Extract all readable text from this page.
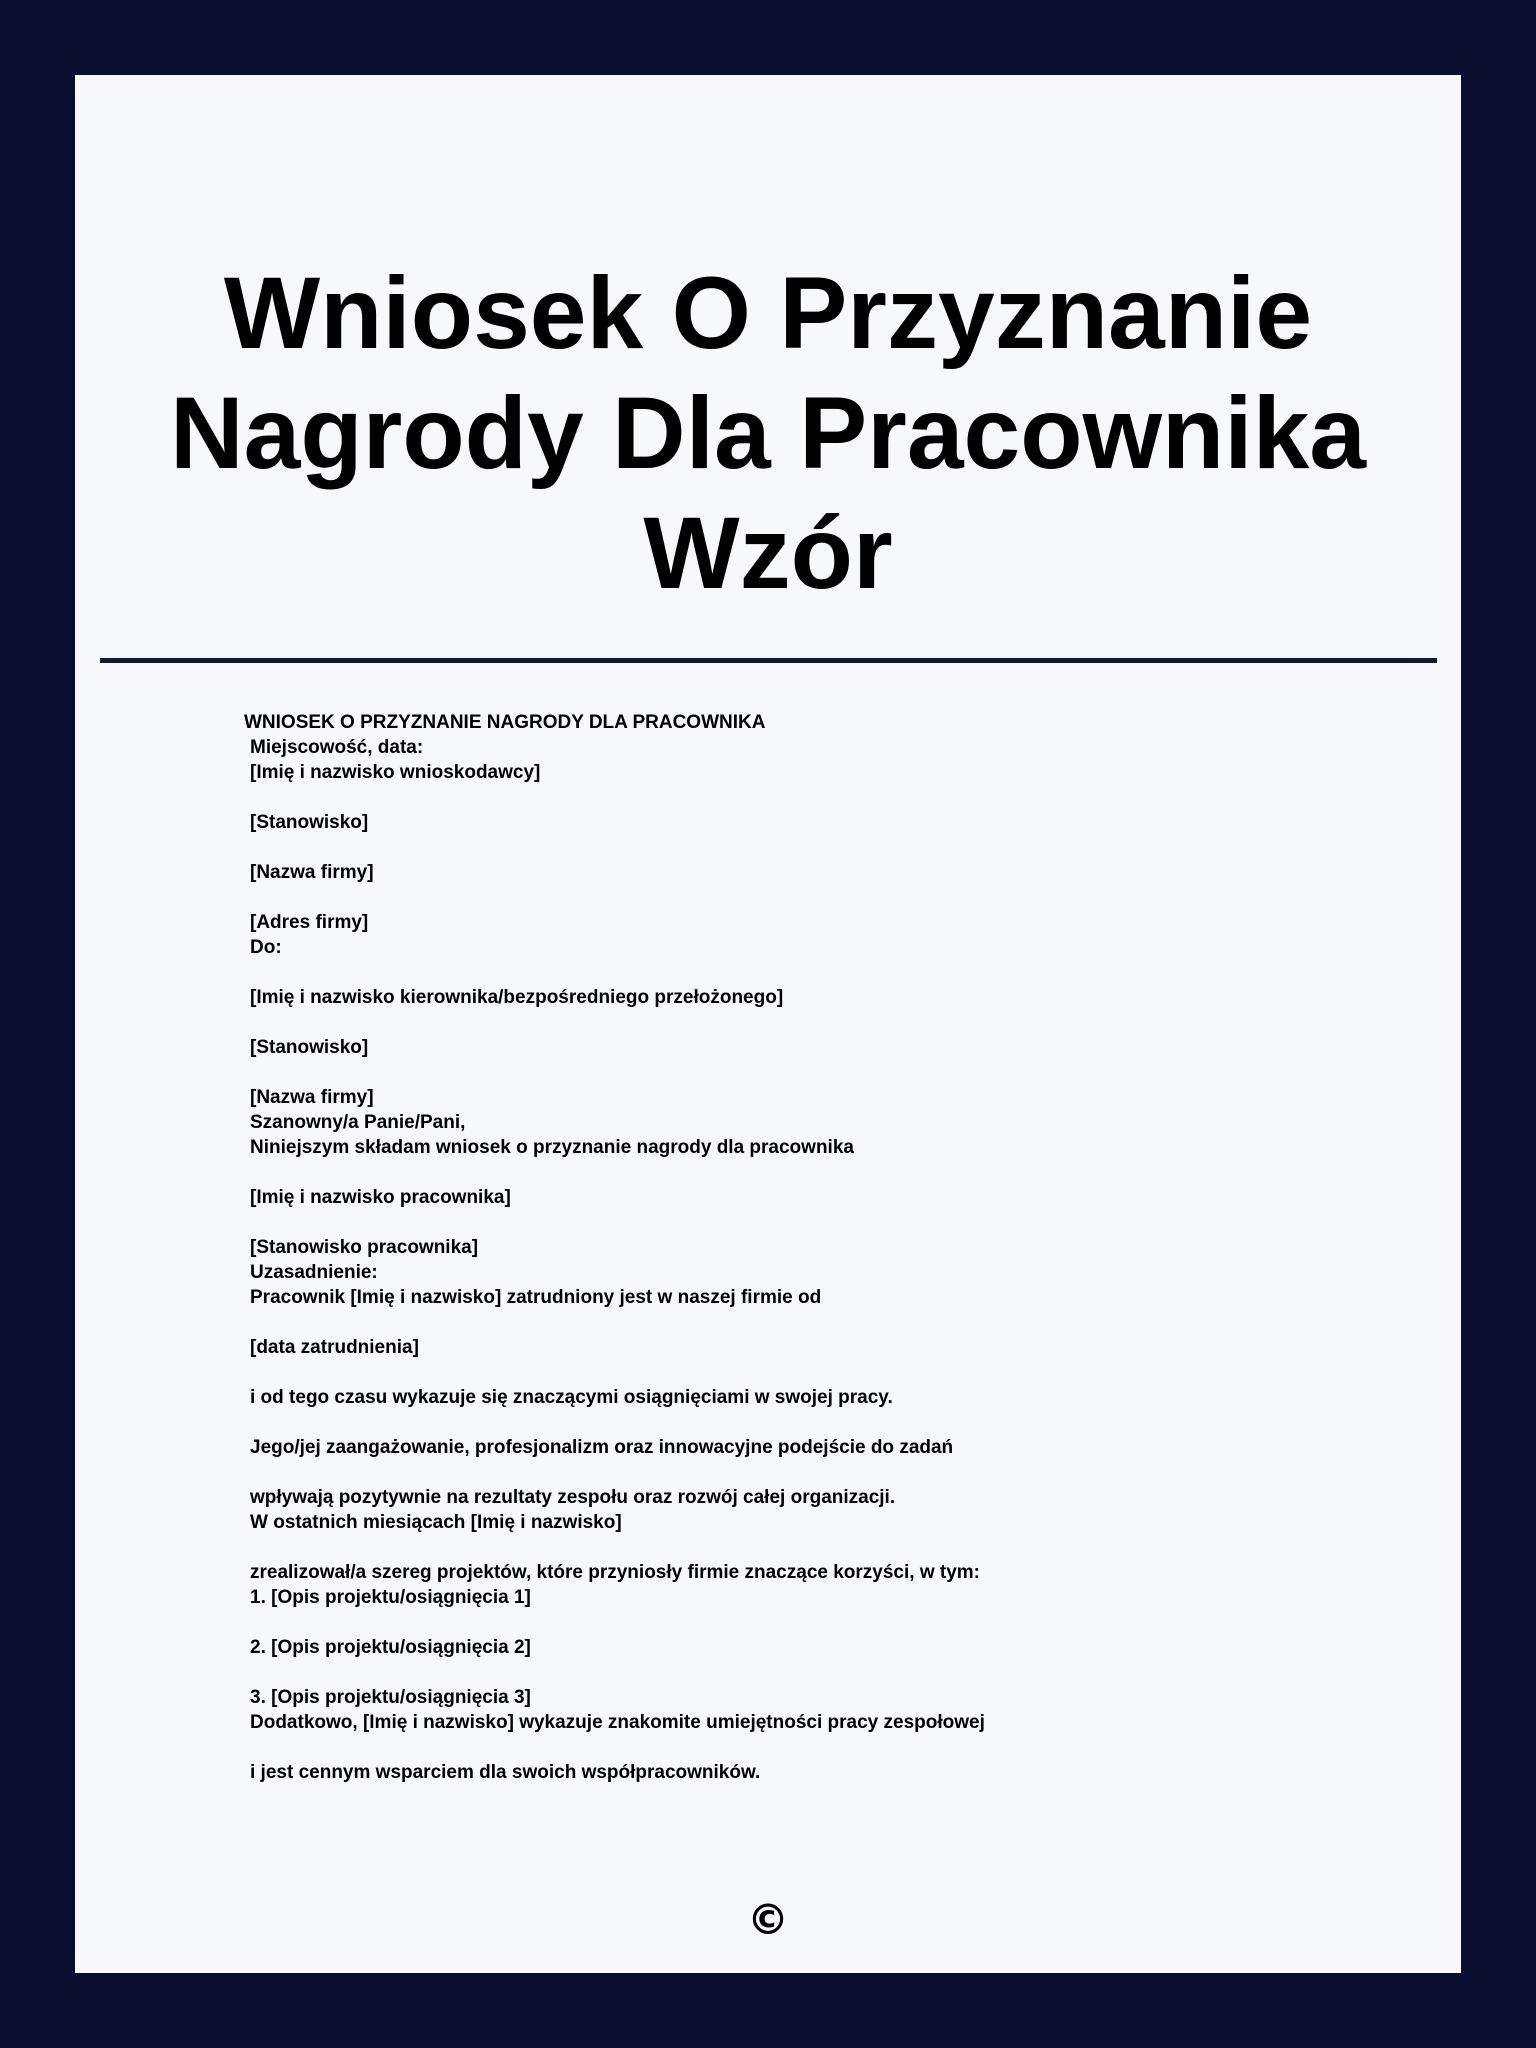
Wniosek O Przyznanie
Nagrody Dla Pracownika
Wzór
WNIOSEK O PRZYZNANIE NAGRODY DLA PRACOWNIKA
Miejscowość, data:
[Imię i nazwisko wnioskodawcy]
[Stanowisko]
[Nazwa firmy]
[Adres firmy]
Do:
[Imię i nazwisko kierownika/bezpośredniego przełożonego]
[Stanowisko]
[Nazwa firmy]
Szanowny/a Panie/Pani,
Niniejszym składam wniosek o przyznanie nagrody dla pracownika
[Imię i nazwisko pracownika]
[Stanowisko pracownika]
Uzasadnienie:
Pracownik [Imię i nazwisko] zatrudniony jest w naszej firmie od
[data zatrudnienia]
i od tego czasu wykazuje się znaczącymi osiągnięciami w swojej pracy.
Jego/jej zaangażowanie, profesjonalizm oraz innowacyjne podejście do zadań
wpływają pozytywnie na rezultaty zespołu oraz rozwój całej organizacji.
W ostatnich miesiącach [Imię i nazwisko]
zrealizował/a szereg projektów, które przyniosły firmie znaczące korzyści, w tym:
1. [Opis projektu/osiągnięcia 1]
2. [Opis projektu/osiągnięcia 2]
3. [Opis projektu/osiągnięcia 3]
Dodatkowo, [Imię i nazwisko] wykazuje znakomite umiejętności pracy zespołowej
i jest cennym wsparciem dla swoich współpracowników.
©
